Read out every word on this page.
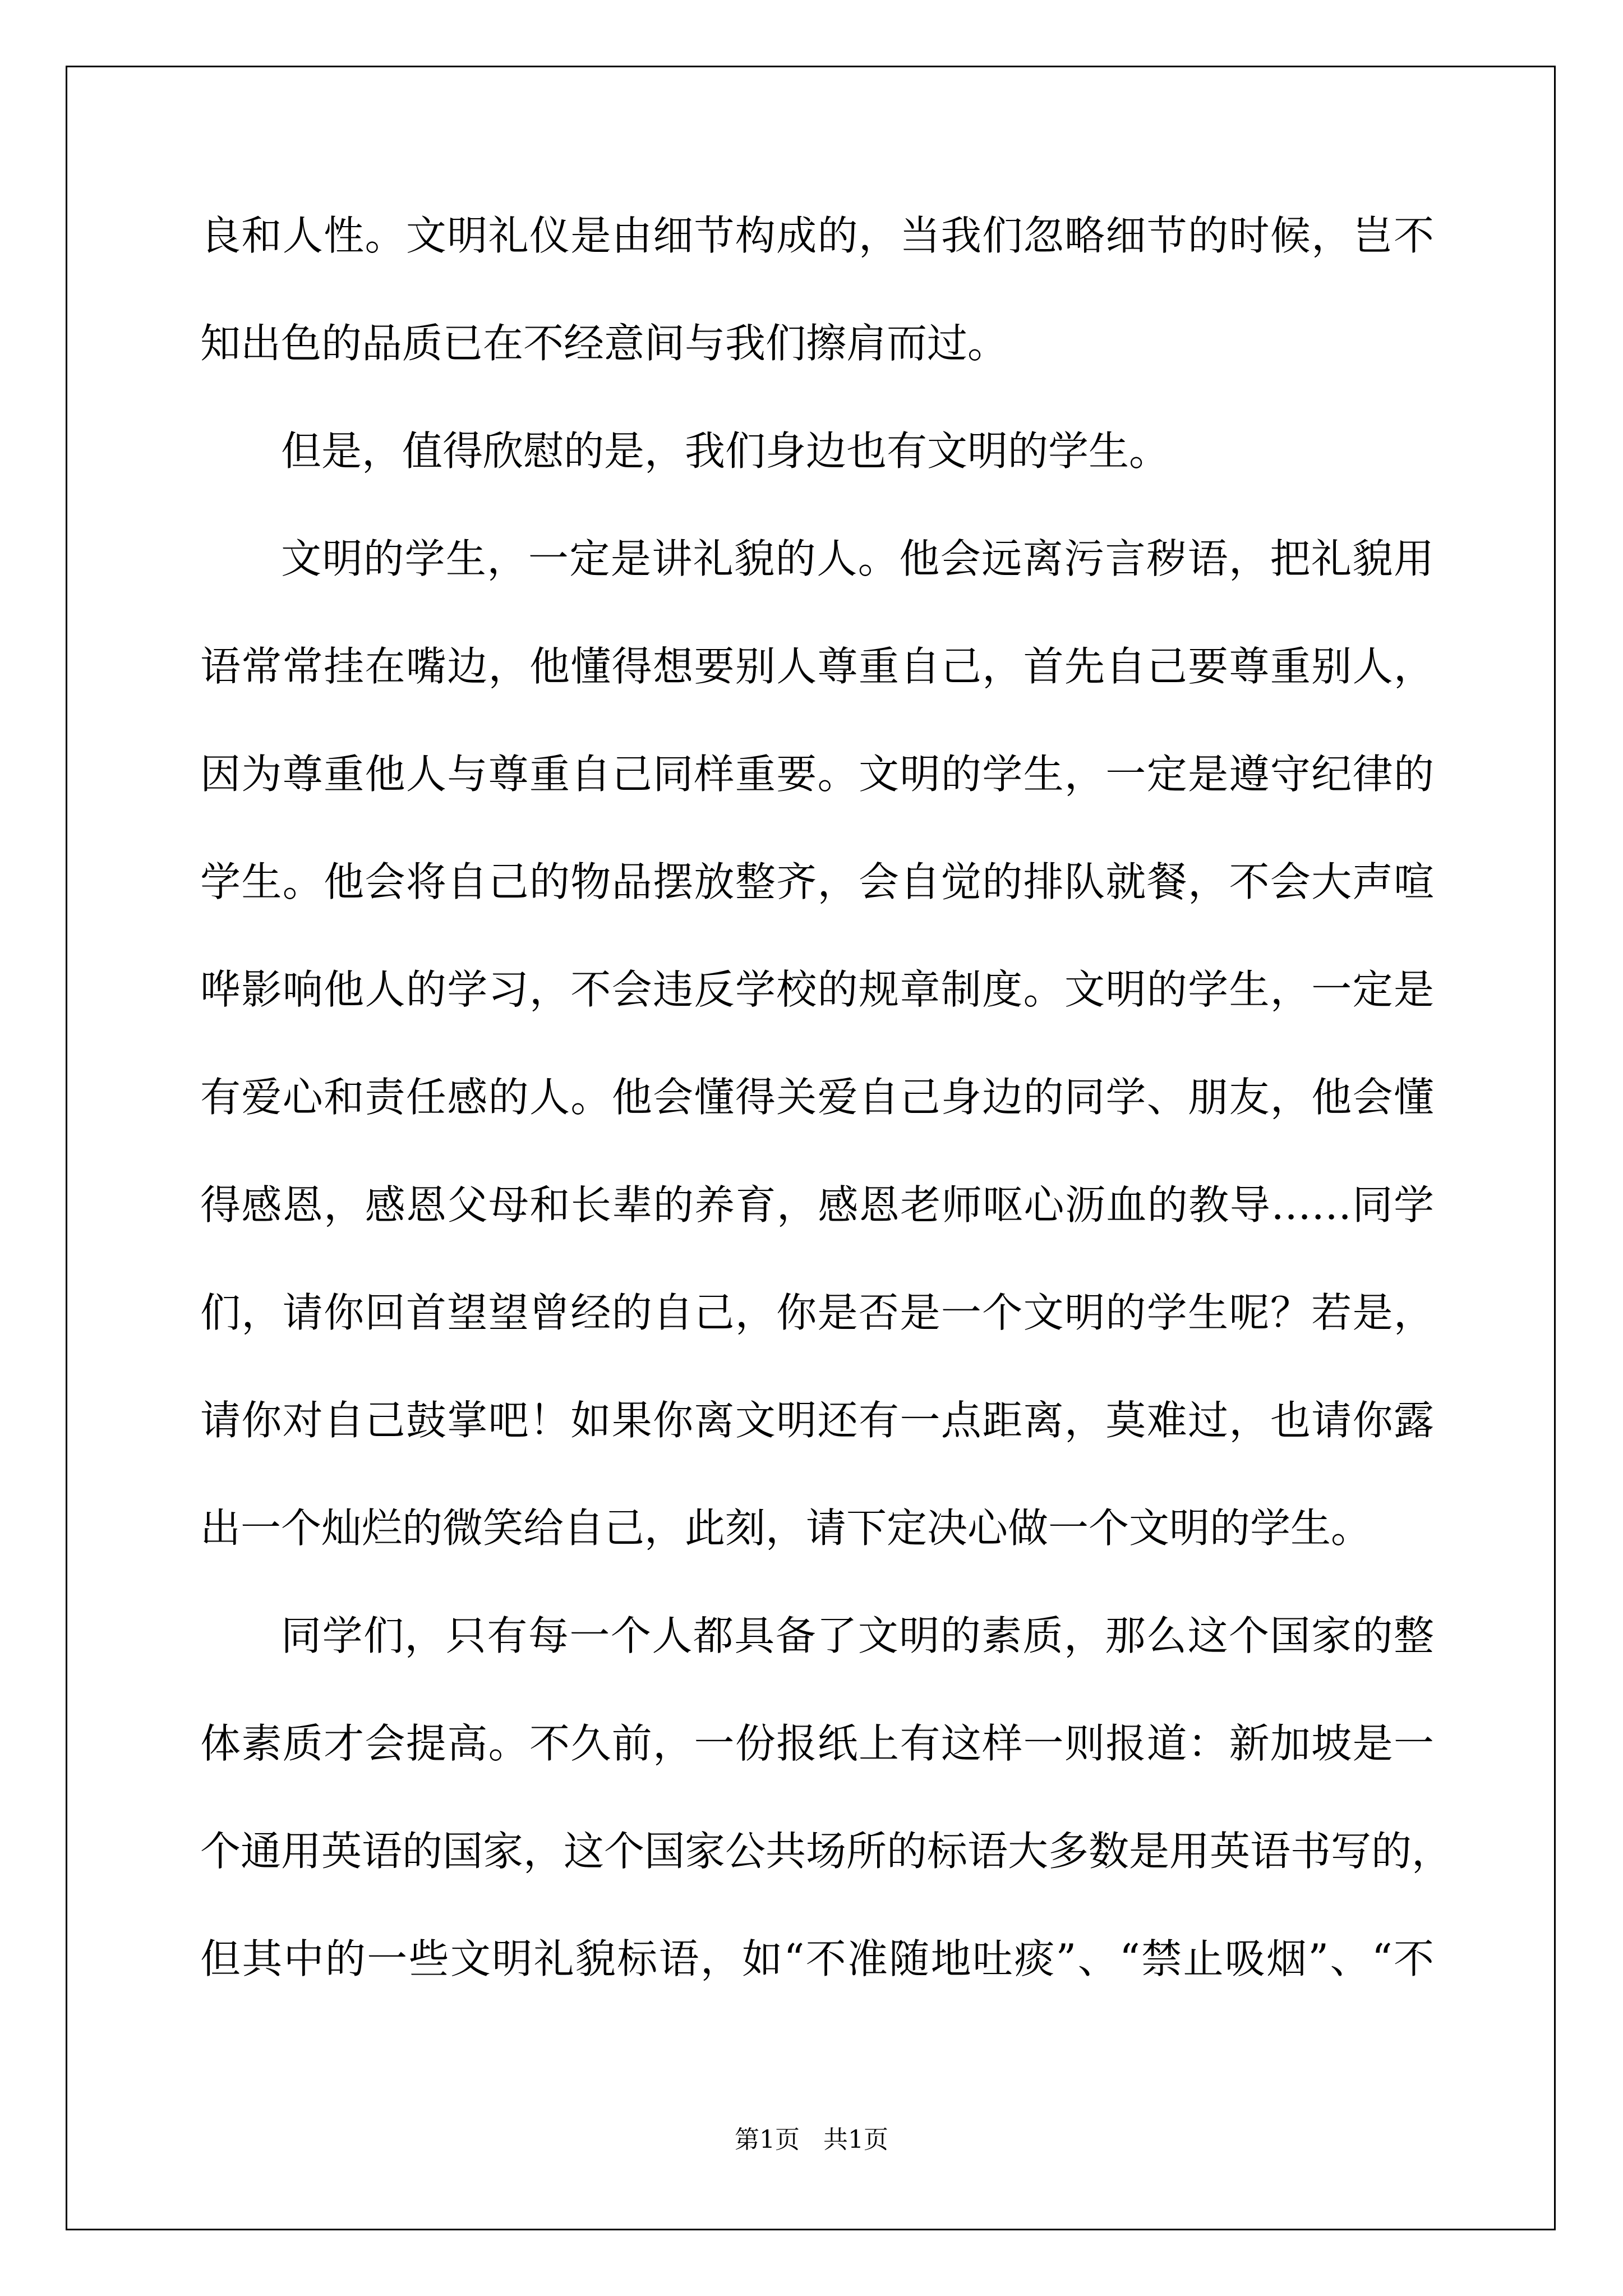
良和人性。文明礼仪是由细节构成的，当我们忽略细节的时候，岂不
知出色的品质已在不经意间与我们擦肩而过。
但是，值得欣慰的是，我们身边也有文明的学生。
文明的学生，一定是讲礼貌的人。他会远离污言秽语，把礼貌用
语常常挂在嘴边，他懂得想要别人尊重自己，首先自己要尊重别人，
因为尊重他人与尊重自己同样重要。文明的学生，一定是遵守纪律的
学生。他会将自己的物品摆放整齐，会自觉的排队就餐，不会大声喧
哗影响他人的学习，不会违反学校的规章制度。文明的学生，一定是
有爱心和责任感的人。他会懂得关爱自己身边的同学、朋友，他会懂
得感恩，感恩父母和长辈的养育，感恩老师呕心沥血的教导……同学
们，请你回首望望曾经的自己，你是否是一个文明的学生呢？若是，
请你对自己鼓掌吧！如果你离文明还有一点距离，莫难过，也请你露
出一个灿烂的微笑给自己，此刻，请下定决心做一个文明的学生。
同学们，只有每一个人都具备了文明的素质，那么这个国家的整
体素质才会提高。不久前，一份报纸上有这样一则报道：新加坡是一
个通用英语的国家，这个国家公共场所的标语大多数是用英语书写的，
但其中的一些文明礼貌标语，如“不准随地吐痰”、“禁止吸烟”、“不
第1页   共1页
